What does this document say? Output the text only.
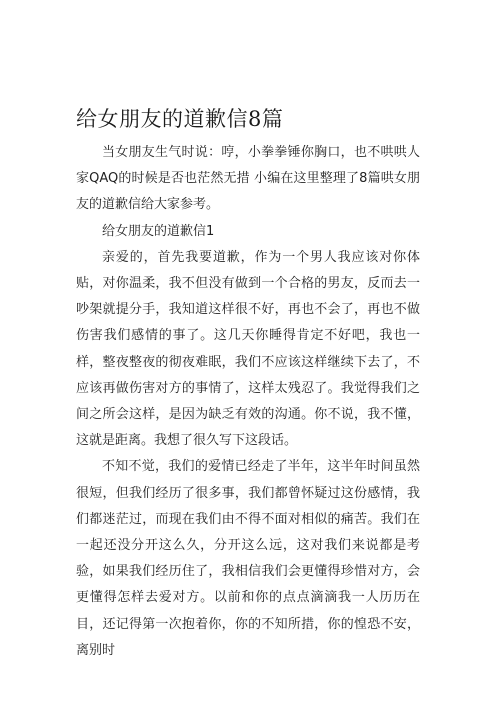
给女朋友的道歉信8篇

当女朋友生气时说：哼，小拳拳锤你胸口，也不哄哄人家QAQ的时候是否也茫然无措 小编在这里整理了8篇哄女朋友的道歉信给大家参考。

给女朋友的道歉信1

亲爱的，首先我要道歉，作为一个男人我应该对你体贴，对你温柔，我不但没有做到一个合格的男友，反而去一吵架就提分手，我知道这样很不好，再也不会了，再也不做伤害我们感情的事了。这几天你睡得肯定不好吧，我也一样，整夜整夜的彻夜难眠，我们不应该这样继续下去了，不应该再做伤害对方的事情了，这样太残忍了。我觉得我们之间之所会这样，是因为缺乏有效的沟通。你不说，我不懂，这就是距离。我想了很久写下这段话。

不知不觉，我们的爱情已经走了半年，这半年时间虽然很短，但我们经历了很多事，我们都曾怀疑过这份感情，我们都迷茫过，而现在我们由不得不面对相似的痛苦。我们在一起还没分开这么久，分开这么远，这对我们来说都是考验，如果我们经历住了，我相信我们会更懂得珍惜对方，会更懂得怎样去爱对方。以前和你的点点滴滴我一人历历在目，还记得第一次抱着你，你的不知所措，你的惶恐不安，离别时
